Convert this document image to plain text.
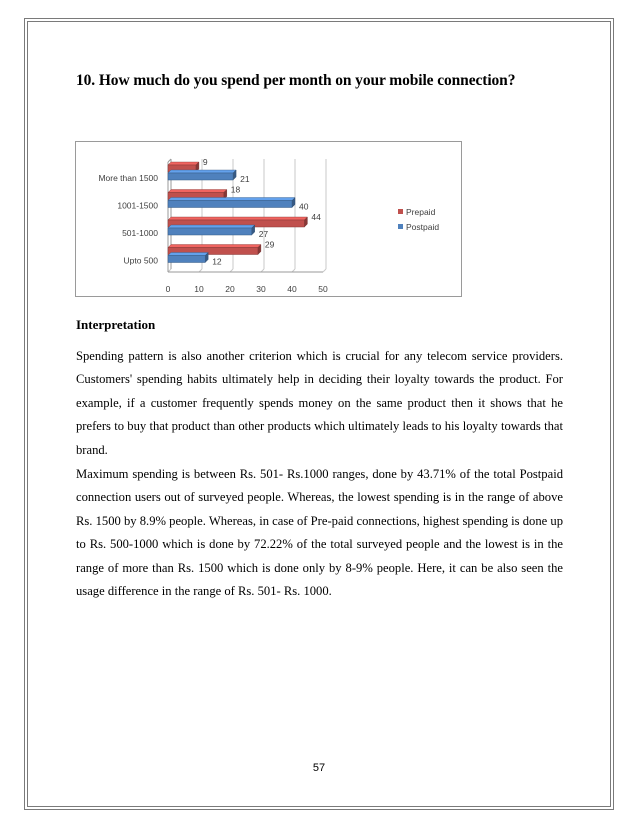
10. How much do you spend per month on your mobile connection?
More than 1500
1001-1500
501-1000
Upto 500
0	10	20	30	40	50
9
21
18
40
44
27
29
12
Prepaid
Postpaid
Interpretation
Spending pattern is also another criterion which is crucial for any telecom service providers. Customers' spending habits ultimately help in deciding their loyalty towards the product. For example, if a customer frequently spends money on the same product then it shows that he prefers to buy that product than other products which ultimately leads to his loyalty towards that brand.
Maximum spending is between Rs. 501- Rs.1000 ranges, done by 43.71% of the total Postpaid connection users out of surveyed people. Whereas, the lowest spending is in the range of above Rs. 1500 by 8.9% people. Whereas, in case of Pre-paid connections, highest spending is done up to Rs. 500-1000 which is done by 72.22% of the total surveyed people and the lowest is in the range of more than Rs. 1500 which is done only by 8-9% people. Here, it can be also seen the usage difference in the range of Rs. 501- Rs. 1000.
57
